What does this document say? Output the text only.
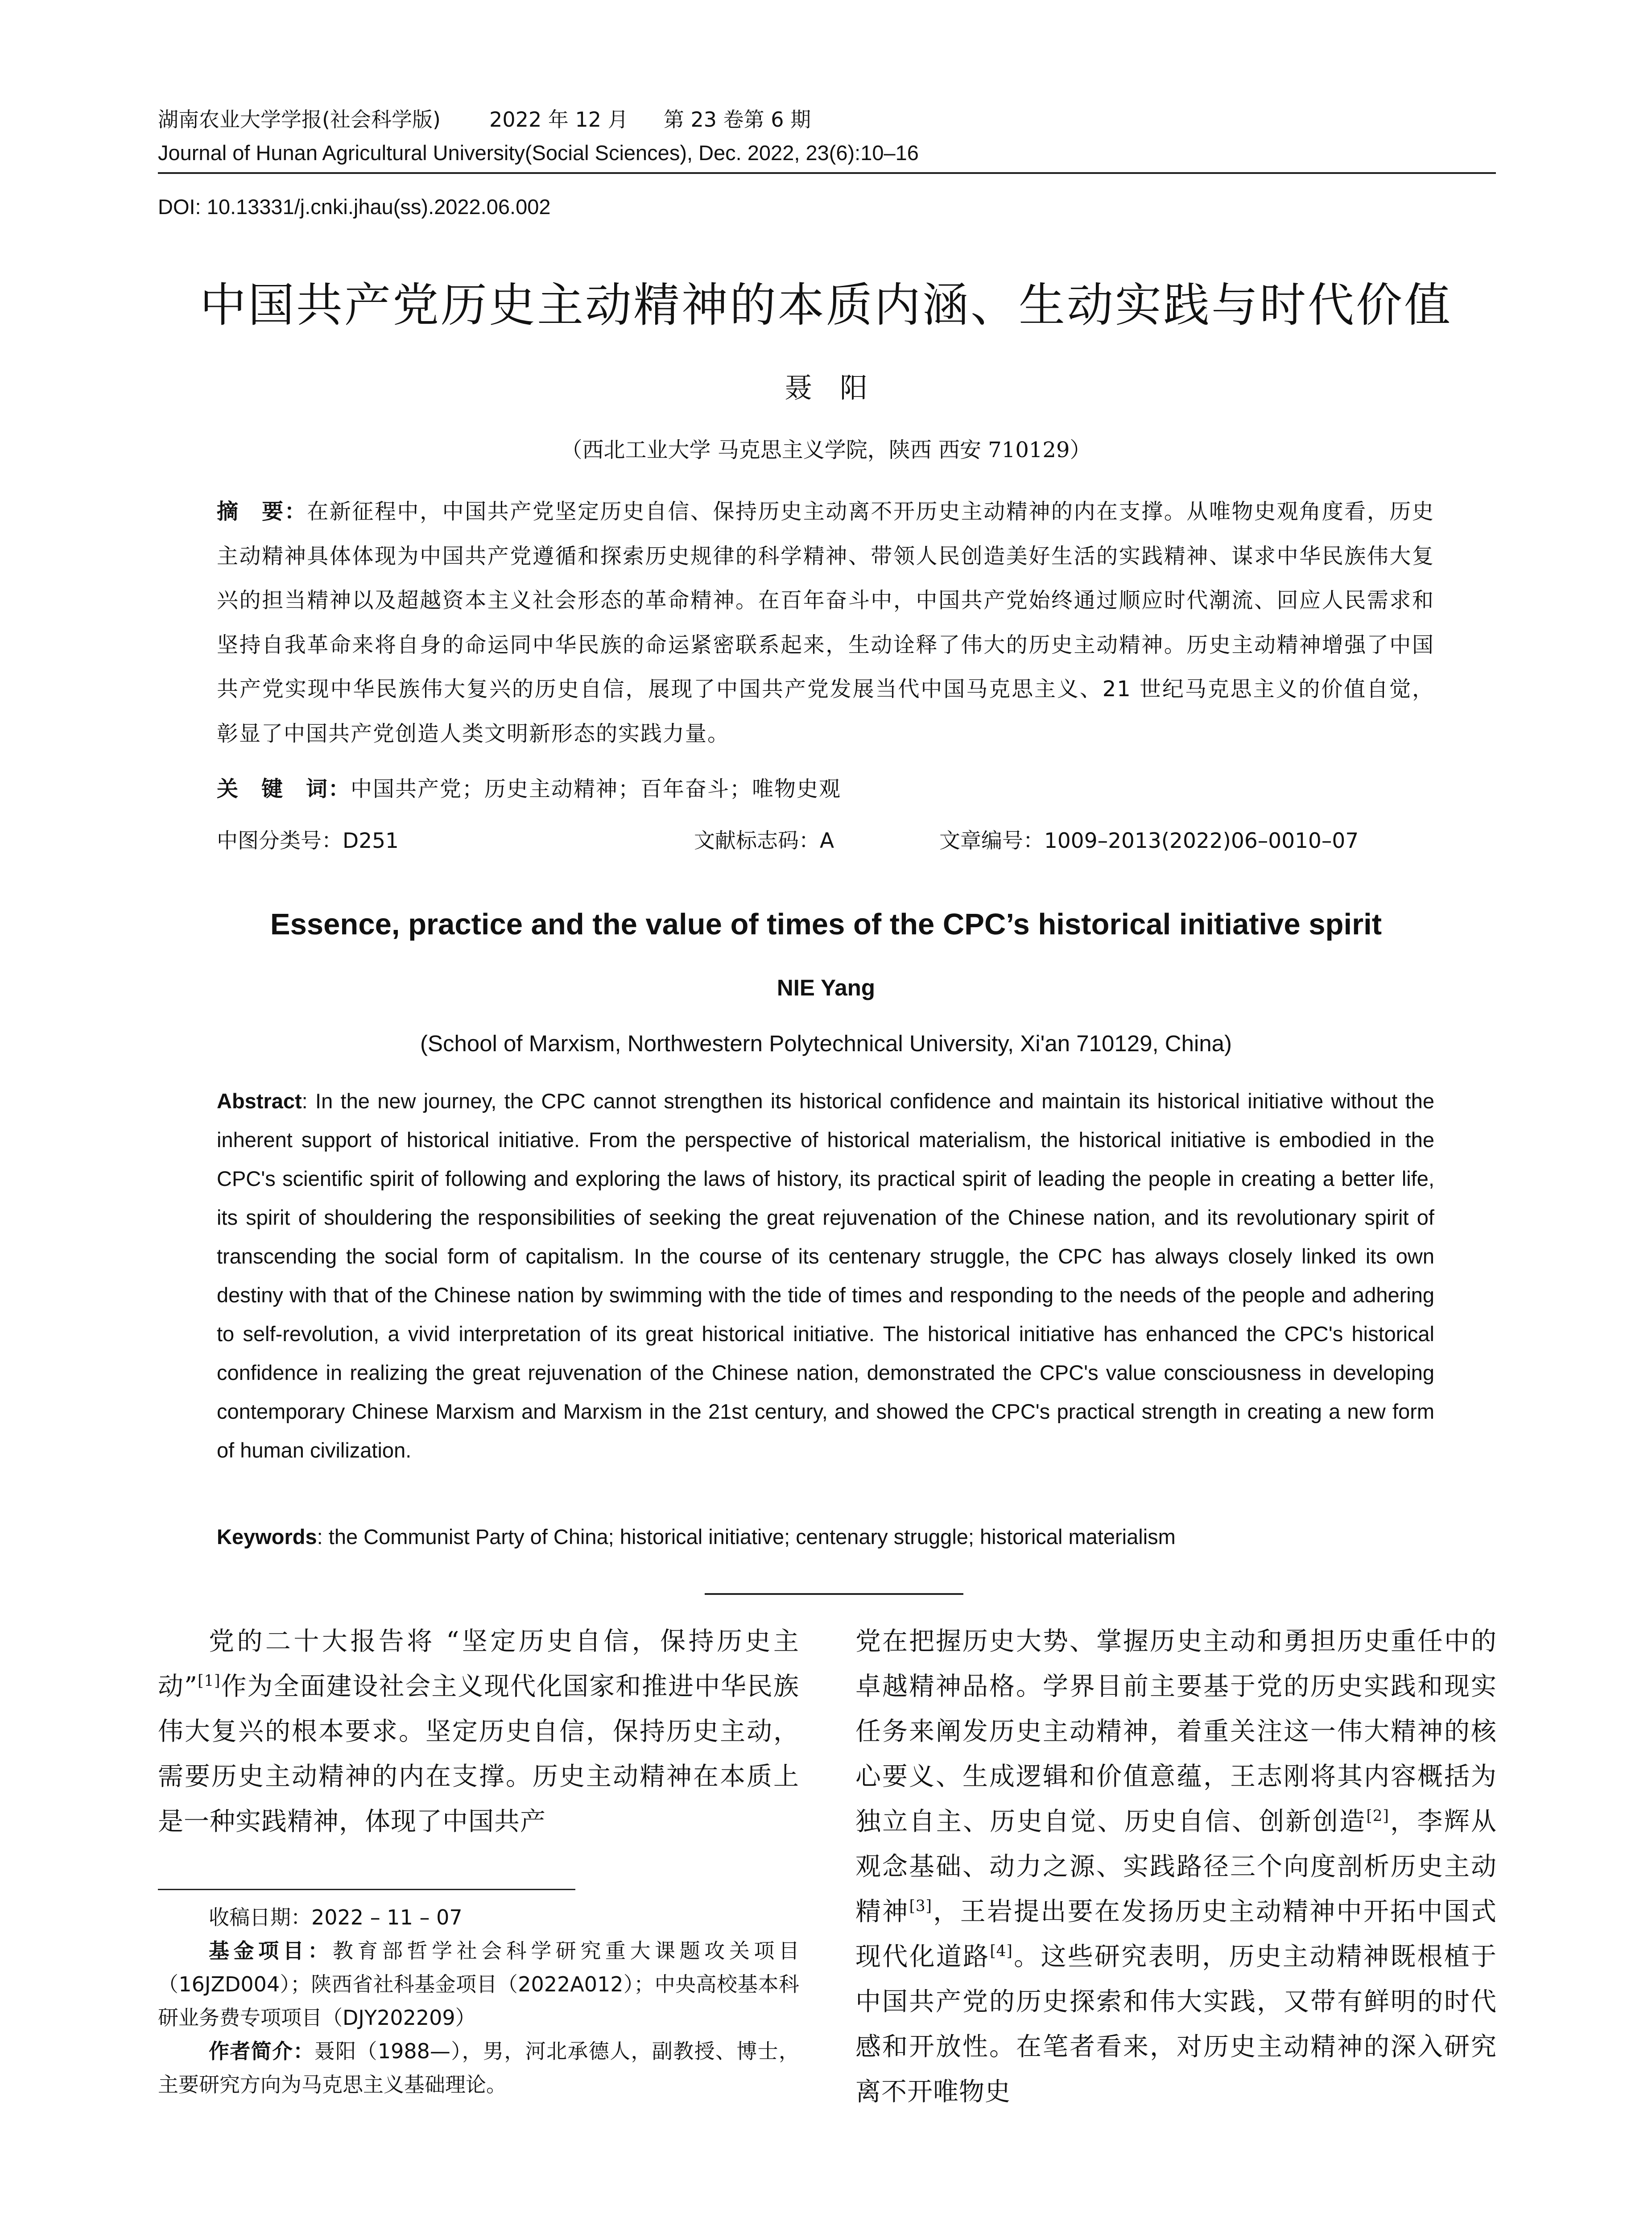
湖南农业大学学报(社会科学版) 2022 年 12 月 第 23 卷第 6 期
Journal of Hunan Agricultural University(Social Sciences), Dec. 2022, 23(6):10–16
DOI: 10.13331/j.cnki.jhau(ss).2022.06.002
中国共产党历史主动精神的本质内涵、生动实践与时代价值
聂　阳
（西北工业大学 马克思主义学院，陕西 西安 710129）

摘　要：在新征程中，中国共产党坚定历史自信、保持历史主动离不开历史主动精神的内在支撑。从唯物史观角度看，历史主动精神具体体现为中国共产党遵循和探索历史规律的科学精神、带领人民创造美好生活的实践精神、谋求中华民族伟大复兴的担当精神以及超越资本主义社会形态的革命精神。在百年奋斗中，中国共产党始终通过顺应时代潮流、回应人民需求和坚持自我革命来将自身的命运同中华民族的命运紧密联系起来，生动诠释了伟大的历史主动精神。历史主动精神增强了中国共产党实现中华民族伟大复兴的历史自信，展现了中国共产党发展当代中国马克思主义、21 世纪马克思主义的价值自觉，彰显了中国共产党创造人类文明新形态的实践力量。

关　键　词：中国共产党；历史主动精神；百年奋斗；唯物史观
中图分类号：D251	文献标志码：A	文章编号：1009–2013(2022)06–0010–07
Essence, practice and the value of times of the CPC’s historical initiative spirit
NIE Yang
(School of Marxism, Northwestern Polytechnical University, Xi'an 710129, China)

Abstract: In the new journey, the CPC cannot strengthen its historical confidence and maintain its historical initiative without the inherent support of historical initiative. From the perspective of historical materialism, the historical initiative is embodied in the CPC's scientific spirit of following and exploring the laws of history, its practical spirit of leading the people in creating a better life, its spirit of shouldering the responsibilities of seeking the great rejuvenation of the Chinese nation, and its revolutionary spirit of transcending the social form of capitalism. In the course of its centenary struggle, the CPC has always closely linked its own destiny with that of the Chinese nation by swimming with the tide of times and responding to the needs of the people and adhering to self-revolution, a vivid interpretation of its great historical initiative. The historical initiative has enhanced the CPC's historical confidence in realizing the great rejuvenation of the Chinese nation, demonstrated the CPC's value consciousness in developing contemporary Chinese Marxism and Marxism in the 21st century, and showed the CPC's practical strength in creating a new form of human civilization.

Keywords: the Communist Party of China; historical initiative; centenary struggle; historical materialism

党的二十大报告将 “坚定历史自信，保持历史主动”[1]作为全面建设社会主义现代化国家和推进中华民族伟大复兴的根本要求。坚定历史自信，保持历史主动，需要历史主动精神的内在支撑。历史主动精神在本质上是一种实践精神，体现了中国共产

党在把握历史大势、掌握历史主动和勇担历史重任中的卓越精神品格。学界目前主要基于党的历史实践和现实任务来阐发历史主动精神，着重关注这一伟大精神的核心要义、生成逻辑和价值意蕴，王志刚将其内容概括为独立自主、历史自觉、历史自信、创新创造[2]，李辉从观念基础、动力之源、实践路径三个向度剖析历史主动精神[3]，王岩提出要在发扬历史主动精神中开拓中国式现代化道路[4]。这些研究表明，历史主动精神既根植于中国共产党的历史探索和伟大实践，又带有鲜明的时代感和开放性。在笔者看来，对历史主动精神的深入研究离不开唯物史

收稿日期：2022 – 11 – 07

基金项目：教育部哲学社会科学研究重大课题攻关项目（16JZD004）；陕西省社科基金项目（2022A012）；中央高校基本科研业务费专项项目（DJY202209）

作者简介：聂阳（1988—），男，河北承德人，副教授、博士，主要研究方向为马克思主义基础理论。
